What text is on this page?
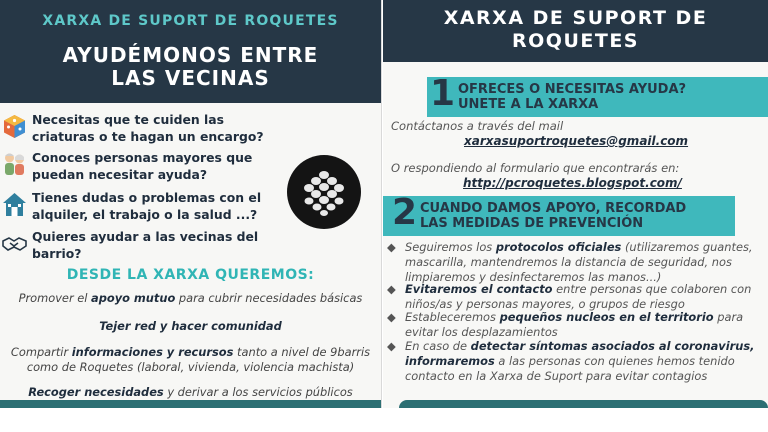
XARXA DE SUPORT DE ROQUETES
AYUDÉMONOS ENTRE
LAS VECINAS
Necesitas que te cuiden las
criaturas o te hagan un encargo?
Conoces personas mayores que
puedan necesitar ayuda?
Tienes dudas o problemas con el
alquiler, el trabajo o la salud ...?
Quieres ayudar a las vecinas del
barrio?
DESDE LA XARXA QUEREMOS:
Promover el apoyo mutuo para cubrir necesidades básicas
Tejer red y hacer comunidad
Compartir informaciones y recursos tanto a nivel de 9barris
como de Roquetes (laboral, vivienda, violencia machista)
Recoger necesidades y derivar a los servicios públicos
XARXA DE SUPORT DE
ROQUETES
1 OFRECES O NECESITAS AYUDA?
UNETE A LA XARXA
Contáctanos a través del mail
xarxasuportroquetes@gmail.com
O respondiendo al formulario que encontrarás en:
http://pcroquetes.blogspot.com/
2 CUANDO DAMOS APOYO, RECORDAD
LAS MEDIDAS DE PREVENCIÓN
◆ Seguiremos los protocolos oficiales (utilizaremos guantes,
mascarilla, mantendremos la distancia de seguridad, nos
limpiaremos y desinfectaremos las manos...)
◆ Evitaremos el contacto entre personas que colaboren con
niños/as y personas mayores, o grupos de riesgo
◆ Estableceremos pequeños nucleos en el territorio para
evitar los desplazamientos
◆ En caso de detectar síntomas asociados al coronavirus,
informaremos a las personas con quienes hemos tenido
contacto en la Xarxa de Suport para evitar contagios
